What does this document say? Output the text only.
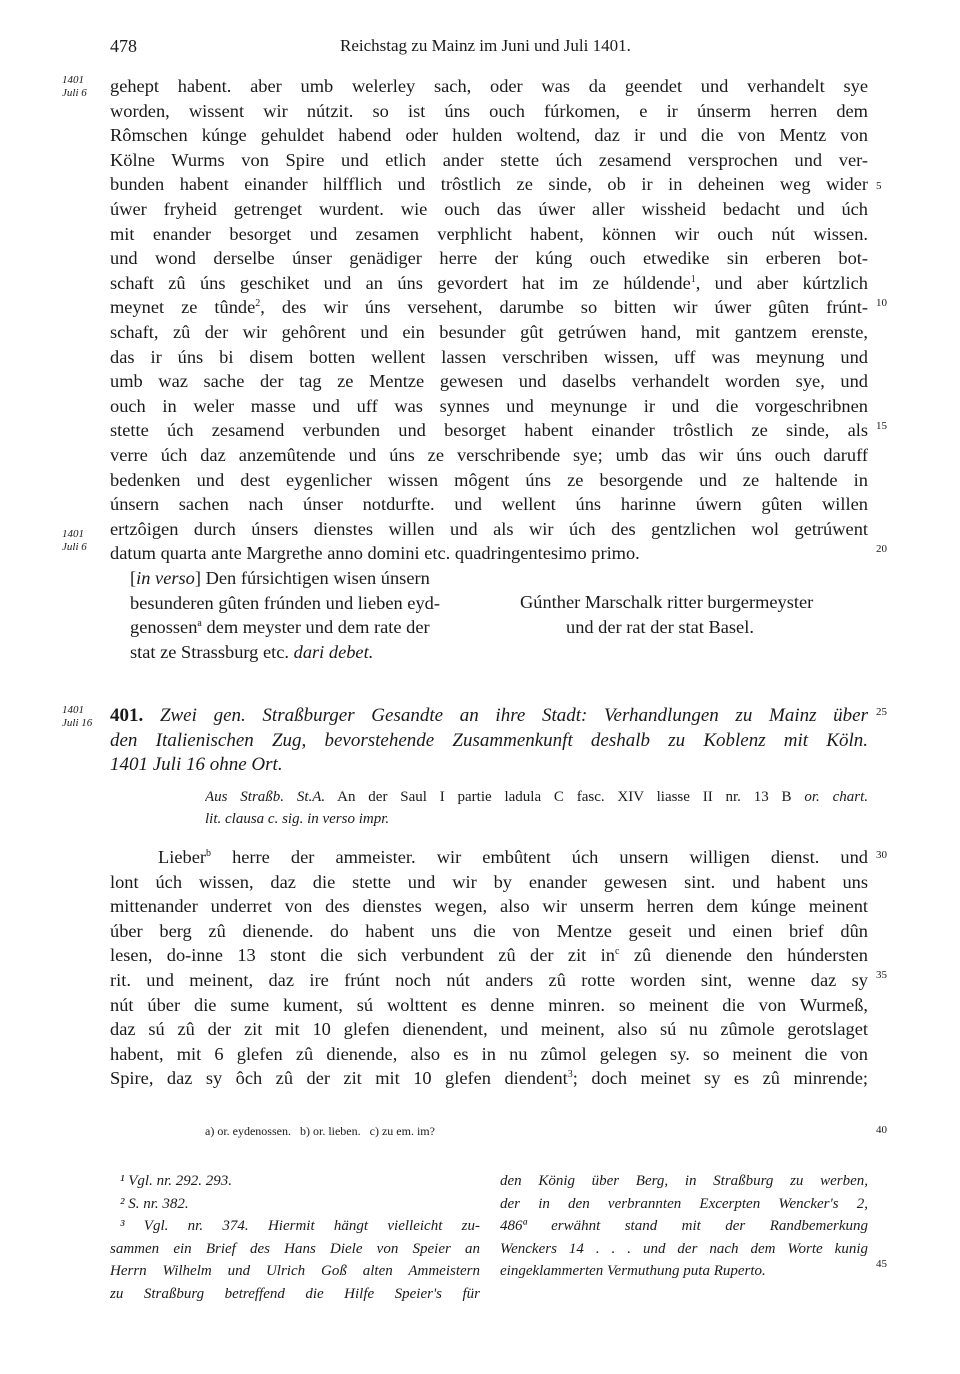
478	Reichstag zu Mainz im Juni und Juli 1401.
1401
Juli 6
1401
Juli 6
1401
Juli 16
5
10
15
20
25
30
35
40
45
gehept habent. aber umb welerley sach, oder was da geendet und verhandelt sye
worden, wissent wir nútzit. so ist úns ouch fúrkomen, e ir únserm herren dem
Rômschen kúnge gehuldet habend oder hulden woltend, daz ir und die von Mentz von
Kölne Wurms von Spire und etlich ander stette úch zesamend versprochen und ver-
bunden habent einander hilfflich und trôstlich ze sinde, ob ir in deheinen weg wider
úwer fryheid getrenget wurdent. wie ouch das úwer aller wissheid bedacht und úch
mit enander besorget und zesamen verphlicht habent, können wir ouch nút wissen.
und wond derselbe únser genädiger herre der kúng ouch etwedike sin erberen bot-
schaft zû úns geschiket und an úns gevordert hat im ze húldende$^1$, und aber kúrtzlich
meynet ze tûnde$^2$, des wir úns versehent, darumbe so bitten wir úwer gûten frúnt-
schaft, zû der wir gehôrent und ein besunder gût getrúwen hand, mit gantzem erenste,
das ir úns bi disem botten wellent lassen verschriben wissen, uff was meynung und
umb waz sache der tag ze Mentze gewesen und daselbs verhandelt worden sye, und
ouch in weler masse und uff was synnes und meynunge ir und die vorgeschribnen
stette úch zesamend verbunden und besorget habent einander trôstlich ze sinde, als
verre úch daz anzemûtende und úns ze verschribende sye; umb das wir úns ouch daruff
bedenken und dest eygenlicher wissen môgent úns ze besorgende und ze haltende in
únsern sachen nach únser notdurfte. und wellent úns harinne úwern gûten willen
ertzôigen durch únsers dienstes willen und als wir úch des gentzlichen wol getrúwent
datum quarta ante Margrethe anno domini etc. quadringentesimo primo.
[in verso] Den fúrsichtigen wisen únsern
besunderen gûten frúnden und lieben eyd-
genossen$^a$ dem meyster und dem rate der
stat ze Strassburg etc. dari debet.
Gúnther Marschalk ritter burgermeyster
und der rat der stat Basel.
401. Zwei gen. Straßburger Gesandte an ihre Stadt: Verhandlungen zu Mainz über
den Italienischen Zug, bevorstehende Zusammenkunft deshalb zu Koblenz mit Köln.
1401 Juli 16 ohne Ort.
Aus Straßb. St.A. An der Saul I partie ladula C fasc. XIV liasse II nr. 13 B or. chart.
lit. clausa c. sig. in verso impr.
Lieber$^b$ herre der ammeister. wir embûtent úch unsern willigen dienst. und
lont úch wissen, daz die stette und wir by enander gewesen sint. und habent uns
mittenander underret von des dienstes wegen, also wir unserm herren dem kúnge meinent
úber berg zû dienende. do habent uns die von Mentze geseit und einen brief dûn
lesen, do-inne 13 stont die sich verbundent zû der zit $in^c$ zû dienende den húndersten
rit. und meinent, daz ire frúnt noch nút anders zû rotte worden sint, wenne daz sy
nút úber die sume kument, sú wolttent es denne minren. so meinent die von Wurmeß,
daz sú zû der zit mit 10 glefen dienendent, und meinent, also sú nu zûmole gerotslaget
habent, mit 6 glefen zû dienende, also es in nu zûmol gelegen sy. so meinent die von
Spire, daz sy ôch zû der zit mit 10 glefen diendent$^3$; doch meinet sy es zû minrende;
a) or. eydenossen. b) or. lieben. c) zu em. im?
¹ Vgl. nr. 292. 293.
² S. nr. 382.
³ Vgl. nr. 374. Hiermit hängt vielleicht zu-
sammen ein Brief des Hans Diele von Speier an
Herrn Wilhelm und Ulrich Goß alten Ammeistern
zu Straßburg betreffend die Hilfe Speier's für
den König über Berg, in Straßburg zu werben,
der in den verbrannten Excerpten Wencker's 2,
486ª erwähnt stand mit der Randbemerkung
Wenckers 14 . . . und der nach dem Worte kunig
eingeklammerten Vermuthung puta Ruperto.
